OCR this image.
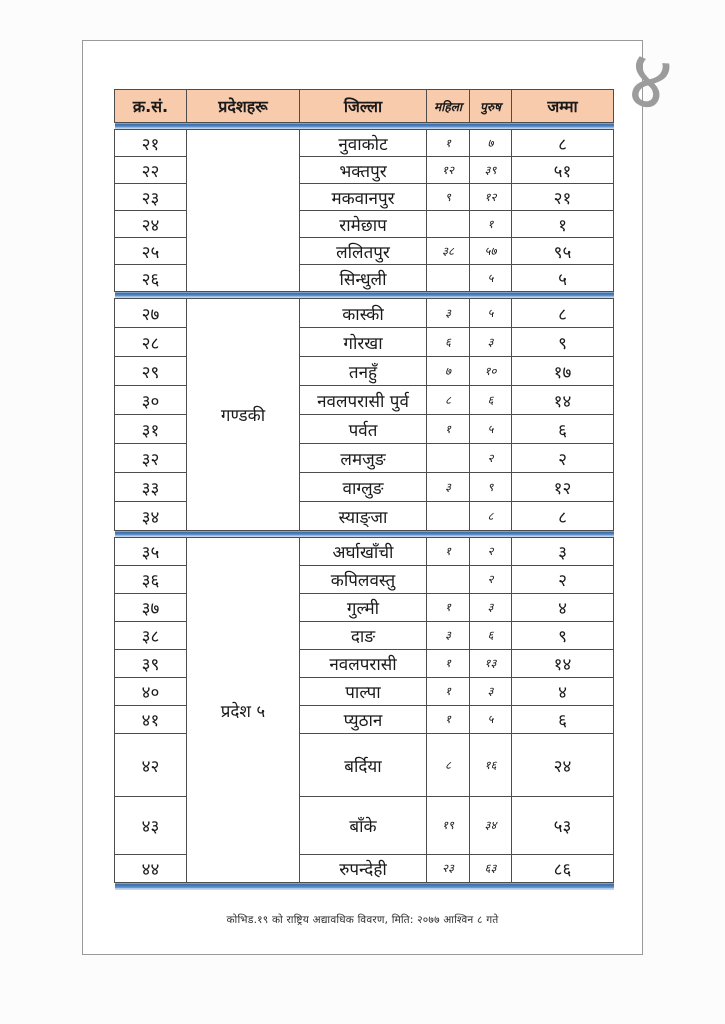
क्र.सं.	प्रदेशहरू	जिल्ला	महिला	पुरुष	जम्मा

२१		नुवाकोट	१	७	८
२२		भक्तपुर	१२	३९	५१
२३		मकवानपुर	९	१२	२१
२४		रामेछाप		१	१
२५		ललितपुर	३८	५७	९५
२६		सिन्धुली		५	५

२७	गण्डकी	कास्की	३	५	८
२८		गोरखा	६	३	९
२९		तनहुँ	७	१०	१७
३०		नवलपरासी पुर्व	८	६	१४
३१		पर्वत	१	५	६
३२		लमजुङ		२	२
३३		वाग्लुङ	३	९	१२
३४		स्याङ्जा		८	८

३५	प्रदेश ५	अर्घाखाँची	१	२	३
३६		कपिलवस्तु		२	२
३७		गुल्मी	१	३	४
३८		दाङ	३	६	९
३९		नवलपरासी	१	१३	१४
४०		पाल्पा	१	३	४
४१		प्युठान	१	५	६
४२		बर्दिया	८	१६	२४
४३		बाँके	१९	३४	५३
४४		रुपन्देही	२३	६३	८६

कोभिड.१९ को राष्ट्रिय अद्यावधिक विवरण, मिति: २०७७ आश्विन ८ गते
४
